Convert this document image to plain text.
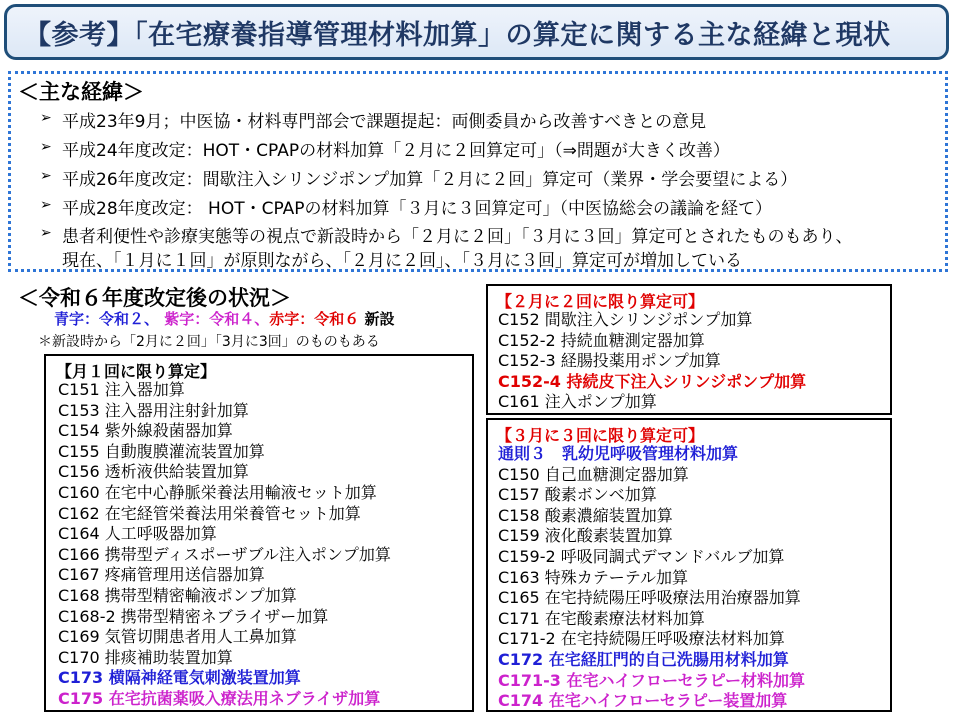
【参考】「在宅療養指導管理材料加算」の算定に関する主な経緯と現状
＜主な経緯＞
➢ 平成23年9月；中医協・材料専門部会で課題提起：両側委員から改善すべきとの意見
➢ 平成24年度改定：HOT・CPAPの材料加算「２月に２回算定可」（⇒問題が大きく改善）
➢ 平成26年度改定：間歇注入シリンジポンプ加算「２月に２回」算定可（業界・学会要望による）
➢ 平成28年度改定： HOT・CPAPの材料加算「３月に３回算定可」（中医協総会の議論を経て）
➢ 患者利便性や診療実態等の視点で新設時から「２月に２回」「３月に３回」算定可とされたものもあり、
現在、「１月に１回」が原則ながら、「２月に２回」、「３月に３回」算定可が増加している
＜令和６年度改定後の状況＞
青字：令和２、 紫字：令和４、赤字：令和６ 新設
＊新設時から「2月に２回」「3月に3回」のものもある
【月１回に限り算定】
C151 注入器加算
C153 注入器用注射針加算
C154 紫外線殺菌器加算
C155 自動腹膜灌流装置加算
C156 透析液供給装置加算
C160 在宅中心静脈栄養法用輸液セット加算
C162 在宅経管栄養法用栄養管セット加算
C164 人工呼吸器加算
C166 携帯型ディスポーザブル注入ポンプ加算
C167 疼痛管理用送信器加算
C168 携帯型精密輸液ポンプ加算
C168-2 携帯型精密ネブライザー加算
C169 気管切開患者用人工鼻加算
C170 排痰補助装置加算
C173 横隔神経電気刺激装置加算
C175 在宅抗菌薬吸入療法用ネブライザ加算
【２月に２回に限り算定可】
C152 間歇注入シリンジポンプ加算
C152-2 持続血糖測定器加算
C152-3 経腸投薬用ポンプ加算
C152-4 持続皮下注入シリンジポンプ加算
C161 注入ポンプ加算
【３月に３回に限り算定可】
通則３　乳幼児呼吸管理材料加算
C150 自己血糖測定器加算
C157 酸素ボンベ加算
C158 酸素濃縮装置加算
C159 液化酸素装置加算
C159-2 呼吸同調式デマンドバルブ加算
C163 特殊カテーテル加算
C165 在宅持続陽圧呼吸療法用治療器加算
C171 在宅酸素療法材料加算
C171-2 在宅持続陽圧呼吸療法材料加算
C172 在宅経肛門的自己洗腸用材料加算
C171-3 在宅ハイフローセラピー材料加算
C174 在宅ハイフローセラピー装置加算
